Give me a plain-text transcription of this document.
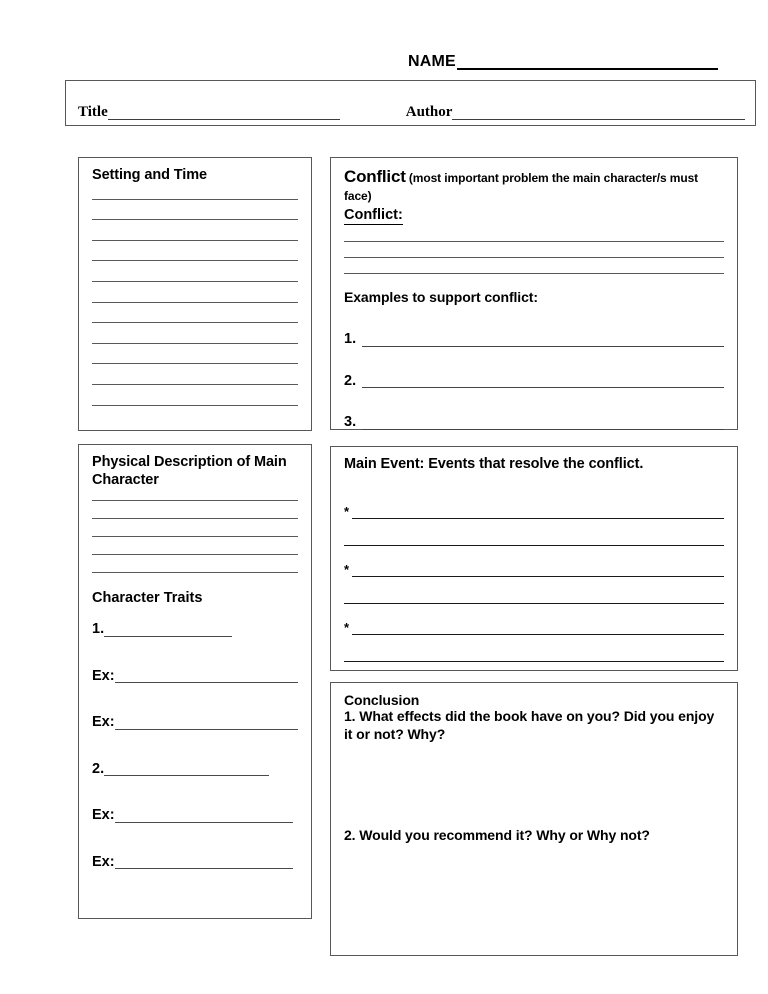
NAME
Title	Author
Setting and Time	Conflict (most important problem the main character/s must face)
Conflict:
Examples to support conflict:
1.
2.
3.
Physical Description of Main Character
Character Traits
1.
Ex:
Ex:
2.
Ex:
Ex:
Main Event: Events that resolve the conflict.
*
*
*
Conclusion
1. What effects did the book have on you? Did you enjoy it or not? Why?
2. Would you recommend it? Why or Why not?
